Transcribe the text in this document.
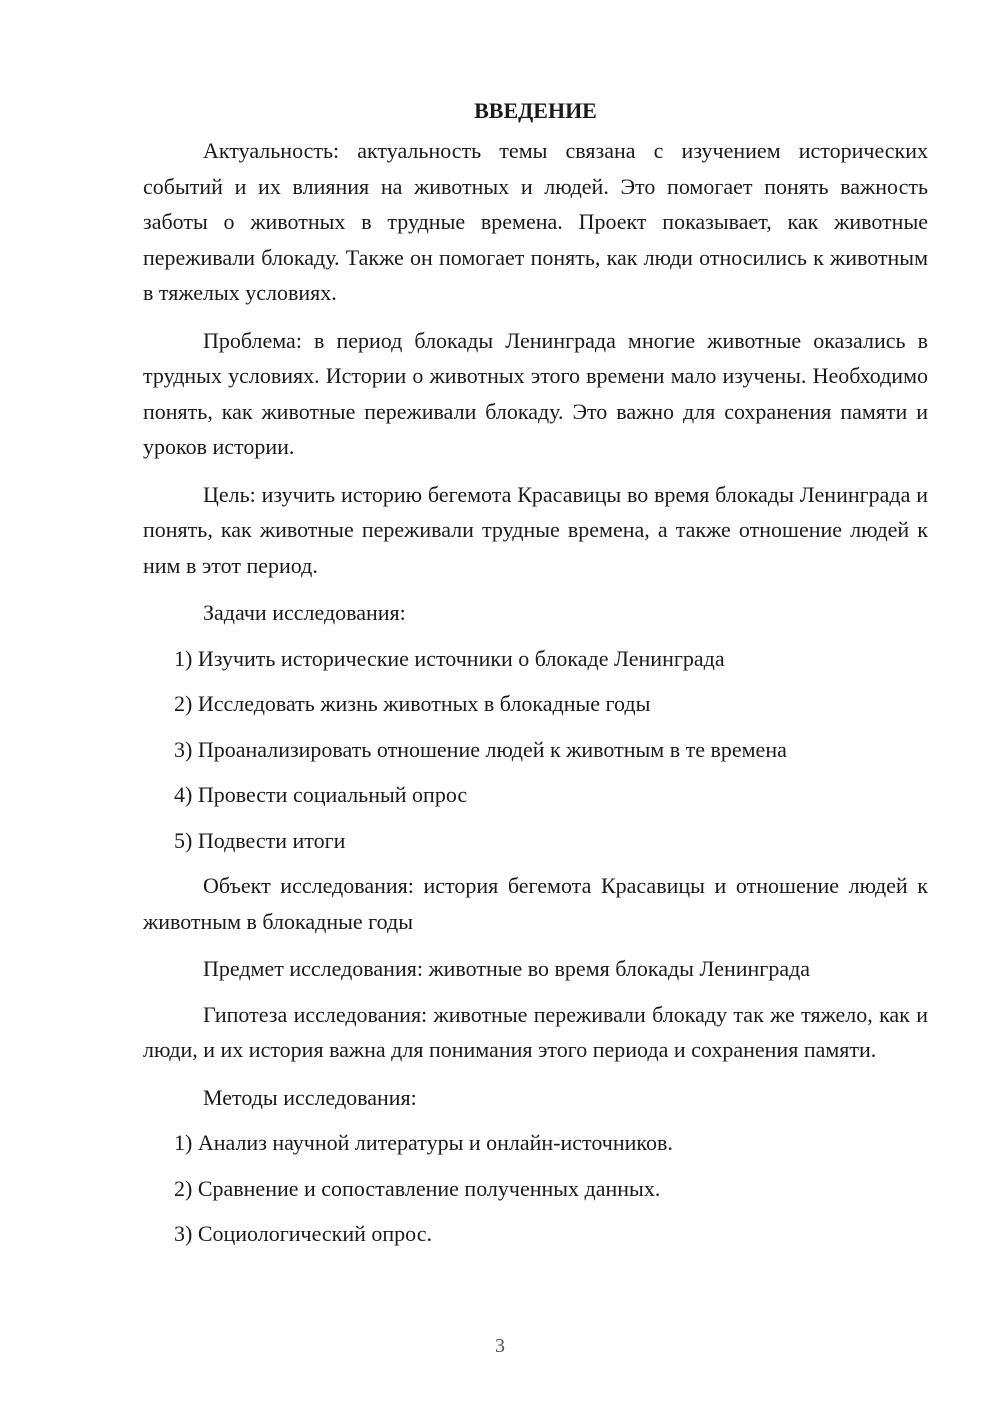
ВВЕДЕНИЕ

Актуальность: актуальность темы связана с изучением исторических событий и их влияния на животных и людей. Это помогает понять важность заботы о животных в трудные времена. Проект показывает, как животные переживали блокаду. Также он помогает понять, как люди относились к животным в тяжелых условиях.

Проблема: в период блокады Ленинграда многие животные оказались в трудных условиях. Истории о животных этого времени мало изучены. Необходимо понять, как животные переживали блокаду. Это важно для сохранения памяти и уроков истории.

Цель: изучить историю бегемота Красавицы во время блокады Ленинграда и понять, как животные переживали трудные времена, а также отношение людей к ним в этот период.

Задачи исследования:

1) Изучить исторические источники о блокаде Ленинграда
2) Исследовать жизнь животных в блокадные годы
3) Проанализировать отношение людей к животным в те времена
4) Провести социальный опрос
5) Подвести итоги

Объект исследования: история бегемота Красавицы и отношение людей к животным в блокадные годы

Предмет исследования: животные во время блокады Ленинграда

Гипотеза исследования: животные переживали блокаду так же тяжело, как и люди, и их история важна для понимания этого периода и сохранения памяти.

Методы исследования:

1) Анализ научной литературы и онлайн-источников.
2) Сравнение и сопоставление полученных данных.
3) Социологический опрос.
3
